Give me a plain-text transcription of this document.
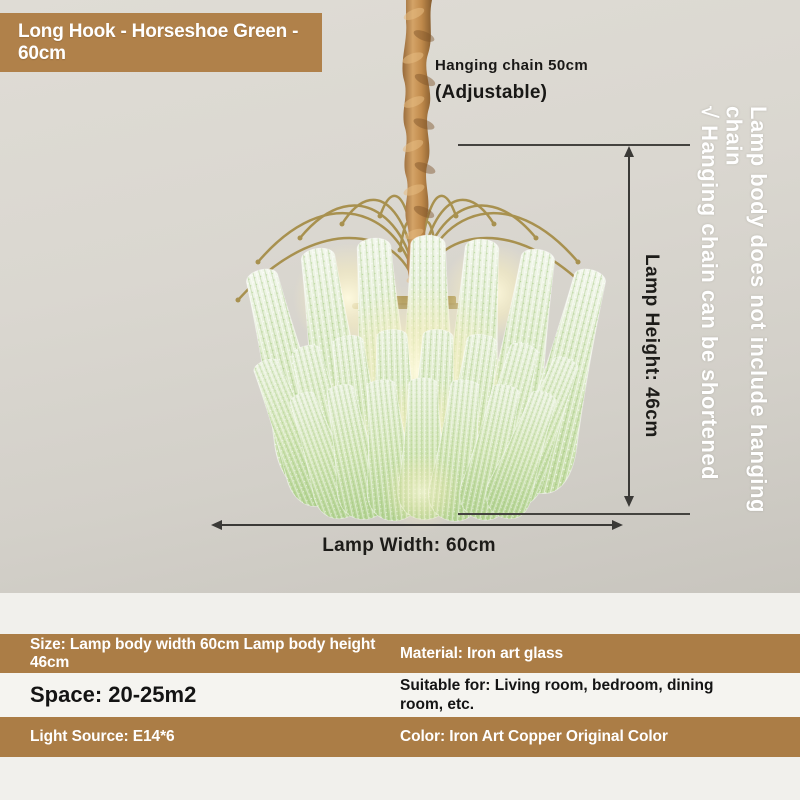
Long Hook - Horseshoe Green - 60cm
Hanging chain 50cm
(Adjustable)
Lamp body does not include hanging chain
√ Hanging chain can be shortened
Lamp Height: 46cm
Lamp Width: 60cm
Size: Lamp body width 60cm Lamp body height 46cm
Material: Iron art glass
Space: 20-25m2	Suitable for: Living room, bedroom, dining room, etc.
Light Source: E14*6	Color: Iron Art Copper Original Color
